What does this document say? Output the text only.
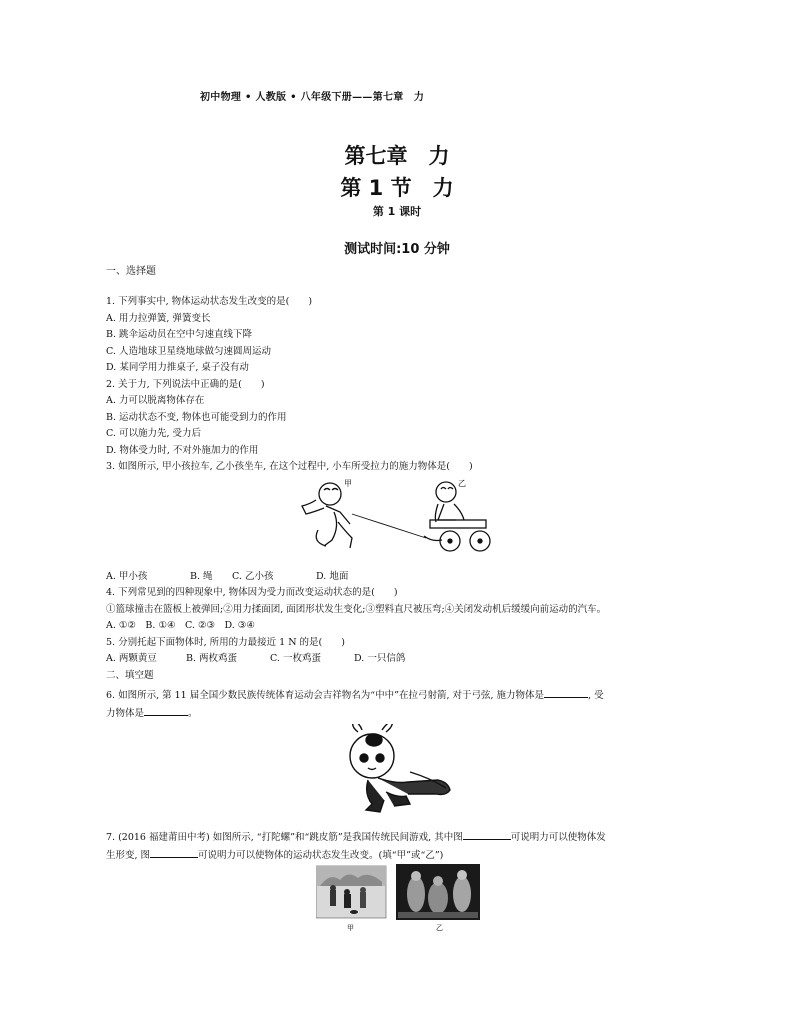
初中物理 • 人教版 • 八年级下册——第七章　力
第七章　力
第 1 节　力
第 1 课时
测试时间:10 分钟
一、选择题
1. 下列事实中, 物体运动状态发生改变的是(　　)
A. 用力拉弹簧, 弹簧变长
B. 跳伞运动员在空中匀速直线下降
C. 人造地球卫星绕地球做匀速圆周运动
D. 某同学用力推桌子, 桌子没有动
2. 关于力, 下列说法中正确的是(　　)
A. 力可以脱离物体存在
B. 运动状态不变, 物体也可能受到力的作用
C. 可以施力先, 受力后
D. 物体受力时, 不对外施加力的作用
3. 如图所示, 甲小孩拉车, 乙小孩坐车, 在这个过程中, 小车所受拉力的施力物体是(　　)
甲	乙
A. 甲小孩	B. 绳 C. 乙小孩	D. 地面
4. 下列常见到的四种现象中, 物体因为受力而改变运动状态的是(　　)
①篮球撞击在篮板上被弹回;②用力揉面团, 面团形状发生变化;③塑料直尺被压弯;④关闭发动机后缓缓向前运动的汽车。
A. ①②　B. ①④　C. ②③　D. ③④
5. 分别托起下面物体时, 所用的力最接近 1 N 的是(　　)
A. 两颗黄豆	B. 两枚鸡蛋	C. 一枚鸡蛋	D. 一只信鸽
二、填空题
6. 如图所示, 第 11 届全国少数民族传统体育运动会吉祥物名为“中中”在拉弓射箭, 对于弓弦, 施力物体是	, 受
力物体是	。
7. (2016 福建莆田中考) 如图所示, “打陀螺”和“跳皮筋”是我国传统民间游戏, 其中图	可说明力可以使物体发
生形变, 图	可说明力可以使物体的运动状态发生改变。(填“甲”或“乙”)
甲	乙
